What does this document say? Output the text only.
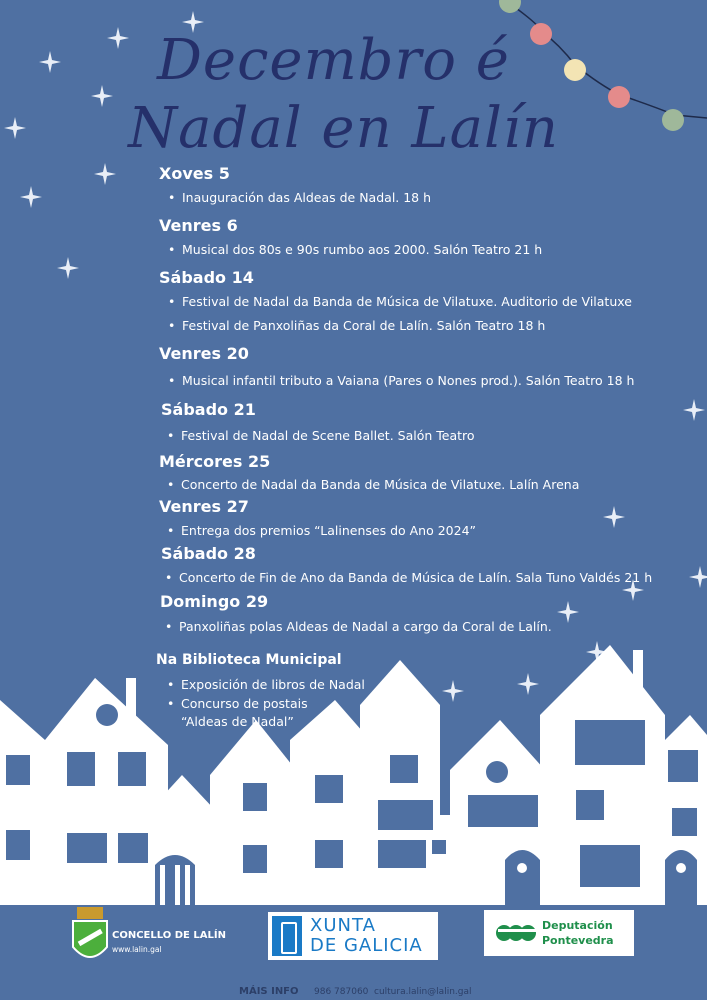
Decembro é
Nadal en Lalín
Xoves 5
• Inauguración das Aldeas de Nadal. 18 h
Venres 6
• Musical dos 80s e 90s rumbo aos 2000. Salón Teatro 21 h
Sábado 14
• Festival de Nadal da Banda de Música de Vilatuxe. Auditorio de Vilatuxe
• Festival de Panxoliñas da Coral de Lalín. Salón Teatro 18 h
Venres 20
• Musical infantil tributo a Vaiana (Pares o Nones prod.). Salón Teatro 18 h
Sábado 21
• Festival de Nadal de Scene Ballet. Salón Teatro
Mércores 25
• Concerto de Nadal da Banda de Música de Vilatuxe. Lalín Arena
Venres 27
• Entrega dos premios “Lalinenses do Ano 2024”
Sábado 28
• Concerto de Fin de Ano da Banda de Música de Lalín. Sala Tuno Valdés 21 h
Domingo 29
• Panxoliñas polas Aldeas de Nadal a cargo da Coral de Lalín.
Na Biblioteca Municipal
• Exposición de libros de Nadal
• Concurso de postais
“Aldeas de Nadal”
CONCELLO DE LALÍN
www.lalin.gal
XUNTA
DE GALICIA
Deputación
Pontevedra
MÁIS INFO 986 787060 cultura.lalin@lalin.gal
